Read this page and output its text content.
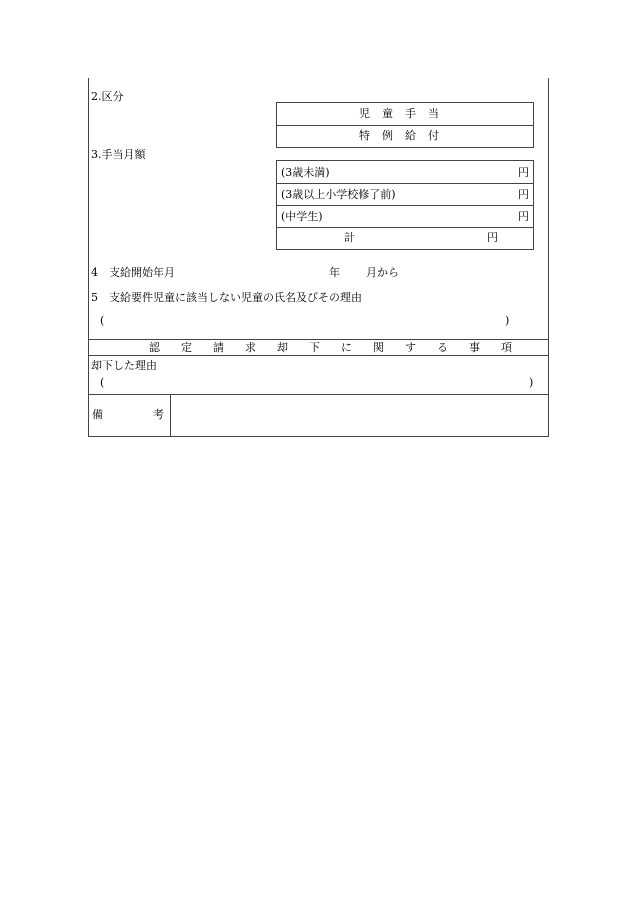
2.区分
児童手当
特例給付
3.手当月額
(3歳未満)	円
(3歳以上小学校修了前)	円
(中学生)	円
計	円
4　支給開始年月	年 月から
5　支給要件児童に該当しない児童の氏名及びその理由
(	)
認定請求却下に関する事項
却下した理由
(	)
備	考
